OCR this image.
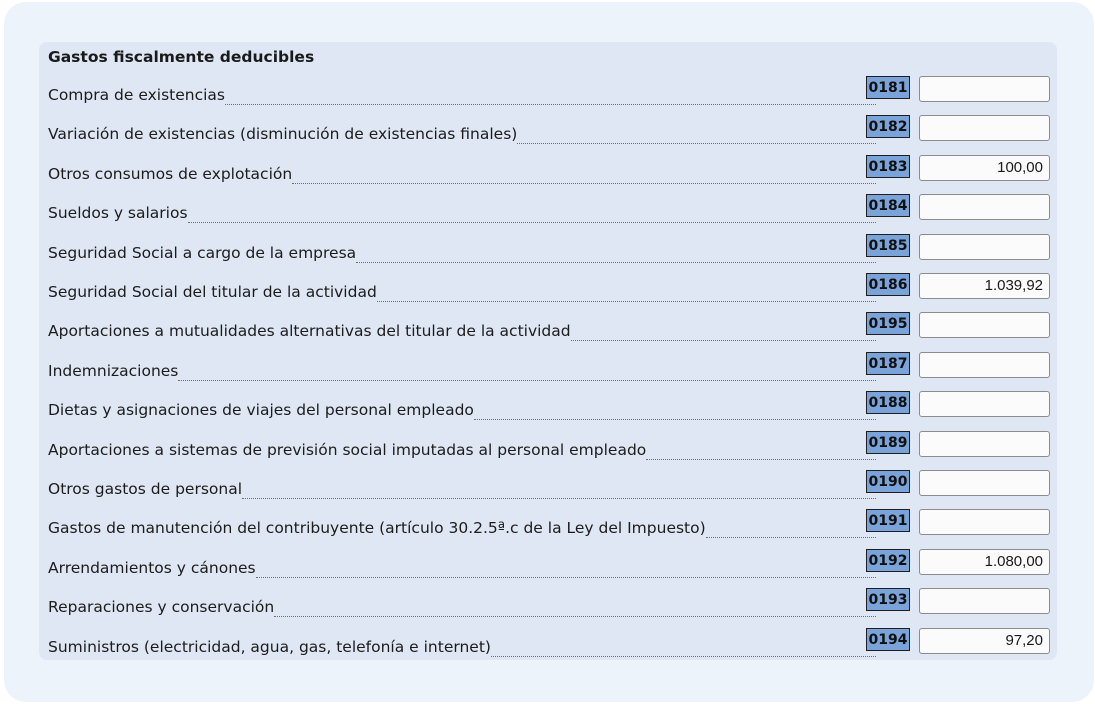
Gastos fiscalmente deducibles
Compra de existencias	0181
Variación de existencias (disminución de existencias finales)	0182
Otros consumos de explotación	0183	100,00
Sueldos y salarios	0184
Seguridad Social a cargo de la empresa	0185
Seguridad Social del titular de la actividad	0186	1.039,92
Aportaciones a mutualidades alternativas del titular de la actividad	0195
Indemnizaciones	0187
Dietas y asignaciones de viajes del personal empleado	0188
Aportaciones a sistemas de previsión social imputadas al personal empleado	0189
Otros gastos de personal	0190
Gastos de manutención del contribuyente (artículo 30.2.5ª.c de la Ley del Impuesto)	0191
Arrendamientos y cánones	0192	1.080,00
Reparaciones y conservación	0193
Suministros (electricidad, agua, gas, telefonía e internet)	0194	97,20
